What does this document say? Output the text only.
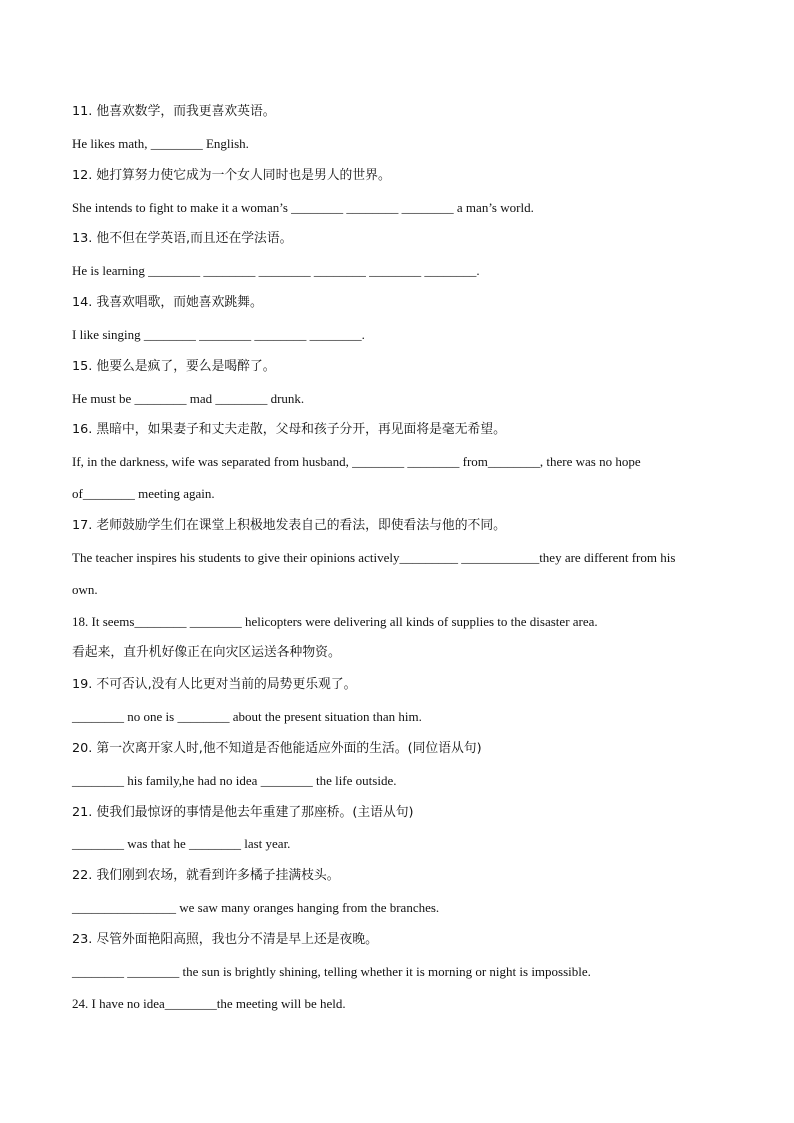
11. 他喜欢数学，而我更喜欢英语。
He likes math, ________ English.
12. 她打算努力使它成为一个女人同时也是男人的世界。
She intends to fight to make it a woman’s ________ ________ ________ a man’s world.
13. 他不但在学英语,而且还在学法语。
He is learning ________ ________ ________ ________ ________ ________.
14. 我喜欢唱歌，而她喜欢跳舞。
I like singing ________ ________ ________ ________.
15. 他要么是疯了，要么是喝醉了。
He must be ________ mad ________ drunk.
16. 黑暗中，如果妻子和丈夫走散，父母和孩子分开，再见面将是毫无希望。
If, in the darkness, wife was separated from husband, ________ ________ from________, there was no hope
of________ meeting again.
17. 老师鼓励学生们在课堂上积极地发表自己的看法，即使看法与他的不同。
The teacher inspires his students to give their opinions actively_________ ____________they are different from his
own.
18. It seems________ ________ helicopters were delivering all kinds of supplies to the disaster area.
看起来，直升机好像正在向灾区运送各种物资。
19. 不可否认,没有人比更对当前的局势更乐观了。
________ no one is ________ about the present situation than him.
20. 第一次离开家人时,他不知道是否他能适应外面的生活。(同位语从句)
________ his family,he had no idea ________ the life outside.
21. 使我们最惊讶的事情是他去年重建了那座桥。(主语从句)
________ was that he ________ last year.
22. 我们刚到农场，就看到许多橘子挂满枝头。
________________ we saw many oranges hanging from the branches.
23. 尽管外面艳阳高照，我也分不清是早上还是夜晚。
________ ________ the sun is brightly shining, telling whether it is morning or night is impossible.
24. I have no idea________the meeting will be held.
